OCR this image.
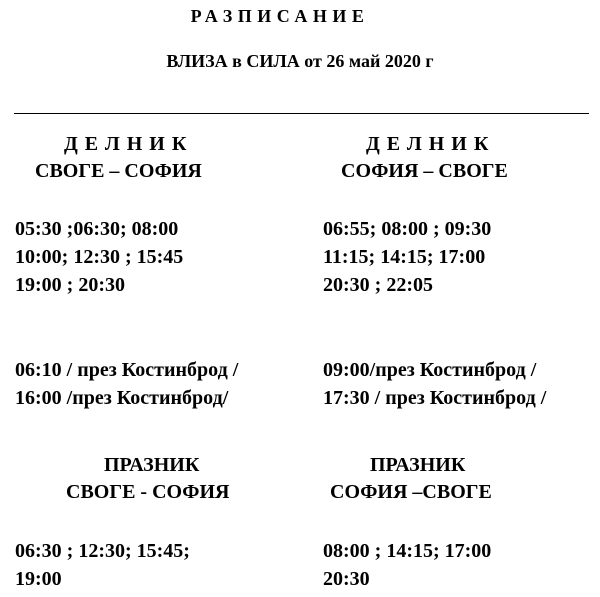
РАЗПИСАНИЕ
ВЛИЗА в СИЛА от 26 май 2020 г
ДЕЛНИК
СВОГЕ – СОФИЯ
05:30 ;06:30; 08:00
10:00; 12:30 ; 15:45
19:00 ; 20:30
06:10 / през Костинброд /
16:00 /през Костинброд/
ДЕЛНИК
СОФИЯ – СВОГЕ
06:55; 08:00 ; 09:30
11:15; 14:15; 17:00
20:30 ; 22:05
09:00/през Костинброд /
17:30 / през Костинброд /
ПРАЗНИК
СВОГЕ - СОФИЯ
06:30 ; 12:30; 15:45;
19:00
ПРАЗНИК
СОФИЯ –СВОГЕ
08:00 ; 14:15; 17:00
20:30
